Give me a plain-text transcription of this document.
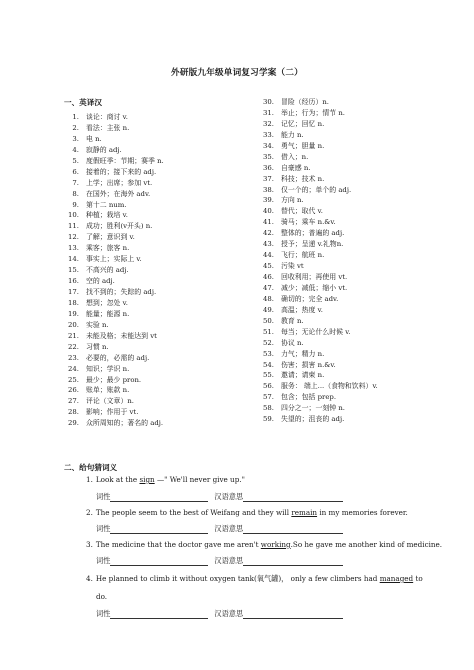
外研版九年级单词复习学案（二）
一、英译汉
1. 谈论：商讨 v.
2. 看法：主张 n.
3. 电 n.
4. 寂静的 adj.
5. 度假旺季：节期；赛季 n.
6. 接着的；接下来的 adj.
7. 上学；出席；参加 vt.
8. 在国外；在海外 adv.
9. 第十二 num.
10. 种植；栽培 v.
11. 成功；胜利(v开头) n.
12. 了解；意识到 v.
13. 乘客；旅客 n.
14. 事实上；实际上 v.
15. 不高兴的 adj.
16. 空的 adj.
17. 找不到的；失踪的 adj.
18. 想到；忽处 v.
19. 能量；能源 n.
20. 实验 n.
21. 未能及格；未能达到 vt
22. 习惯 n.
23. 必要的，必需的 adj.
24. 知识；学识 n.
25. 最少；最少 pron.
26. 账单；账款 n.
27. 评论（文章）n.
28. 影响；作用于 vt.
29. 众所周知的；著名的 adj.
30. 冒险（经历）n.
31. 举止；行为；情节 n.
32. 记忆；回忆 n.
33. 能力 n.
34. 勇气；胆量 n.
35. 借入；n.
36. 自豪感 n.
37. 科技；技术 n.
38. 仅一个的；单个的 adj.
39. 方向 n.
40. 替代；取代 v.
41. 骑马；乘车 n.&v.
42. 整体的；普遍的 adj.
43. 授予；呈递 v.礼物n.
44. 飞行；航班 n.
45. 污染 vt
46. 回收利用；再使用 vt.
47. 减少；减低；缩小 vt.
48. 确切的；完全 adv.
49. 高温；热度 v.
50. 教育 n.
51. 每当；无论什么时候 v.
52. 协议 n.
53. 力气；精力 n.
54. 伤害；损害 n.&v.
55. 邀请；请柬 n.
56. 服务： 端上...（食物和饮料）v.
57. 包含；包括 prep.
58. 四分之一；一刻钟 n.
59. 失望的；沮丧的 adj.
二、给句猜词义
1. Look at the sign —" We'll never give up."
词性	汉语意思
2. The people seem to the best of Weifang and they will remain in my memories forever.
词性	汉语意思
3. The medicine that the doctor gave me aren't working.So he gave me another kind of medicine.
词性	汉语意思
4. He planned to climb it without oxygen tank(氧气罐)， only a few climbers had managed to
do.
词性	汉语意思
